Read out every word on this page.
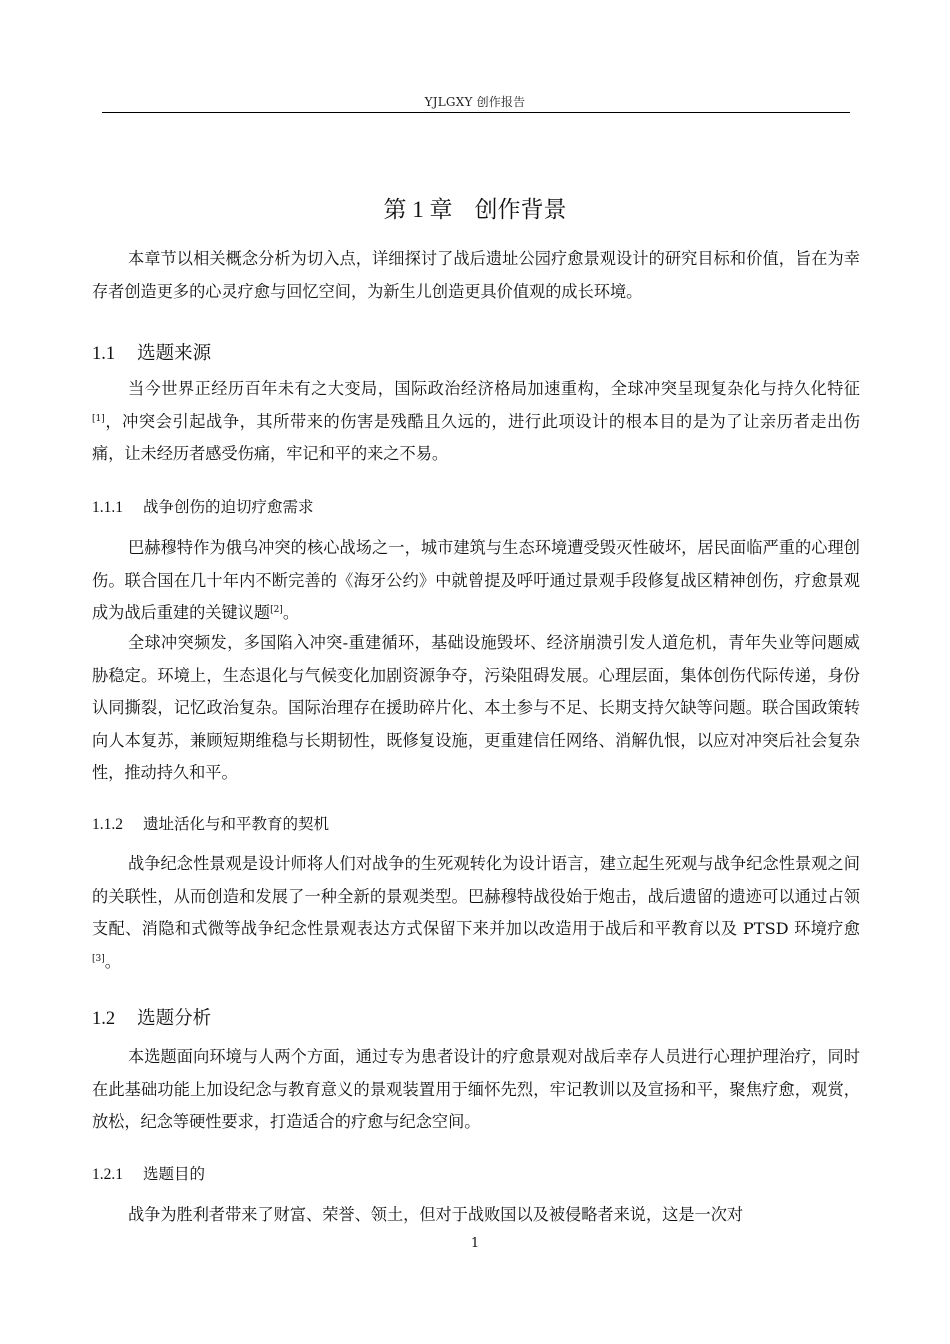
YJLGXY 创作报告
第 1 章 创作背景

本章节以相关概念分析为切入点，详细探讨了战后遗址公园疗愈景观设计的研究目标和价值，旨在为幸存者创造更多的心灵疗愈与回忆空间，为新生儿创造更具价值观的成长环境。

1.1 选题来源

当今世界正经历百年未有之大变局，国际政治经济格局加速重构，全球冲突呈现复杂化与持久化特征[1]，冲突会引起战争，其所带来的伤害是残酷且久远的，进行此项设计的根本目的是为了让亲历者走出伤痛，让未经历者感受伤痛，牢记和平的来之不易。

1.1.1 战争创伤的迫切疗愈需求

巴赫穆特作为俄乌冲突的核心战场之一，城市建筑与生态环境遭受毁灭性破坏，居民面临严重的心理创伤。联合国在几十年内不断完善的《海牙公约》中就曾提及呼吁通过景观手段修复战区精神创伤，疗愈景观成为战后重建的关键议题[2]。

全球冲突频发，多国陷入冲突-重建循环，基础设施毁坏、经济崩溃引发人道危机，青年失业等问题威胁稳定。环境上，生态退化与气候变化加剧资源争夺，污染阻碍发展。心理层面，集体创伤代际传递，身份认同撕裂，记忆政治复杂。国际治理存在援助碎片化、本土参与不足、长期支持欠缺等问题。联合国政策转向人本复苏，兼顾短期维稳与长期韧性，既修复设施，更重建信任网络、消解仇恨，以应对冲突后社会复杂性，推动持久和平。

1.1.2 遗址活化与和平教育的契机

战争纪念性景观是设计师将人们对战争的生死观转化为设计语言，建立起生死观与战争纪念性景观之间的关联性，从而创造和发展了一种全新的景观类型。巴赫穆特战役始于炮击，战后遗留的遗迹可以通过占领支配、消隐和式微等战争纪念性景观表达方式保留下来并加以改造用于战后和平教育以及 PTSD 环境疗愈[3]。

1.2 选题分析

本选题面向环境与人两个方面，通过专为患者设计的疗愈景观对战后幸存人员进行心理护理治疗，同时在此基础功能上加设纪念与教育意义的景观装置用于缅怀先烈，牢记教训以及宣扬和平，聚焦疗愈，观赏，放松，纪念等硬性要求，打造适合的疗愈与纪念空间。

1.2.1 选题目的

战争为胜利者带来了财富、荣誉、领土，但对于战败国以及被侵略者来说，这是一次对

1
